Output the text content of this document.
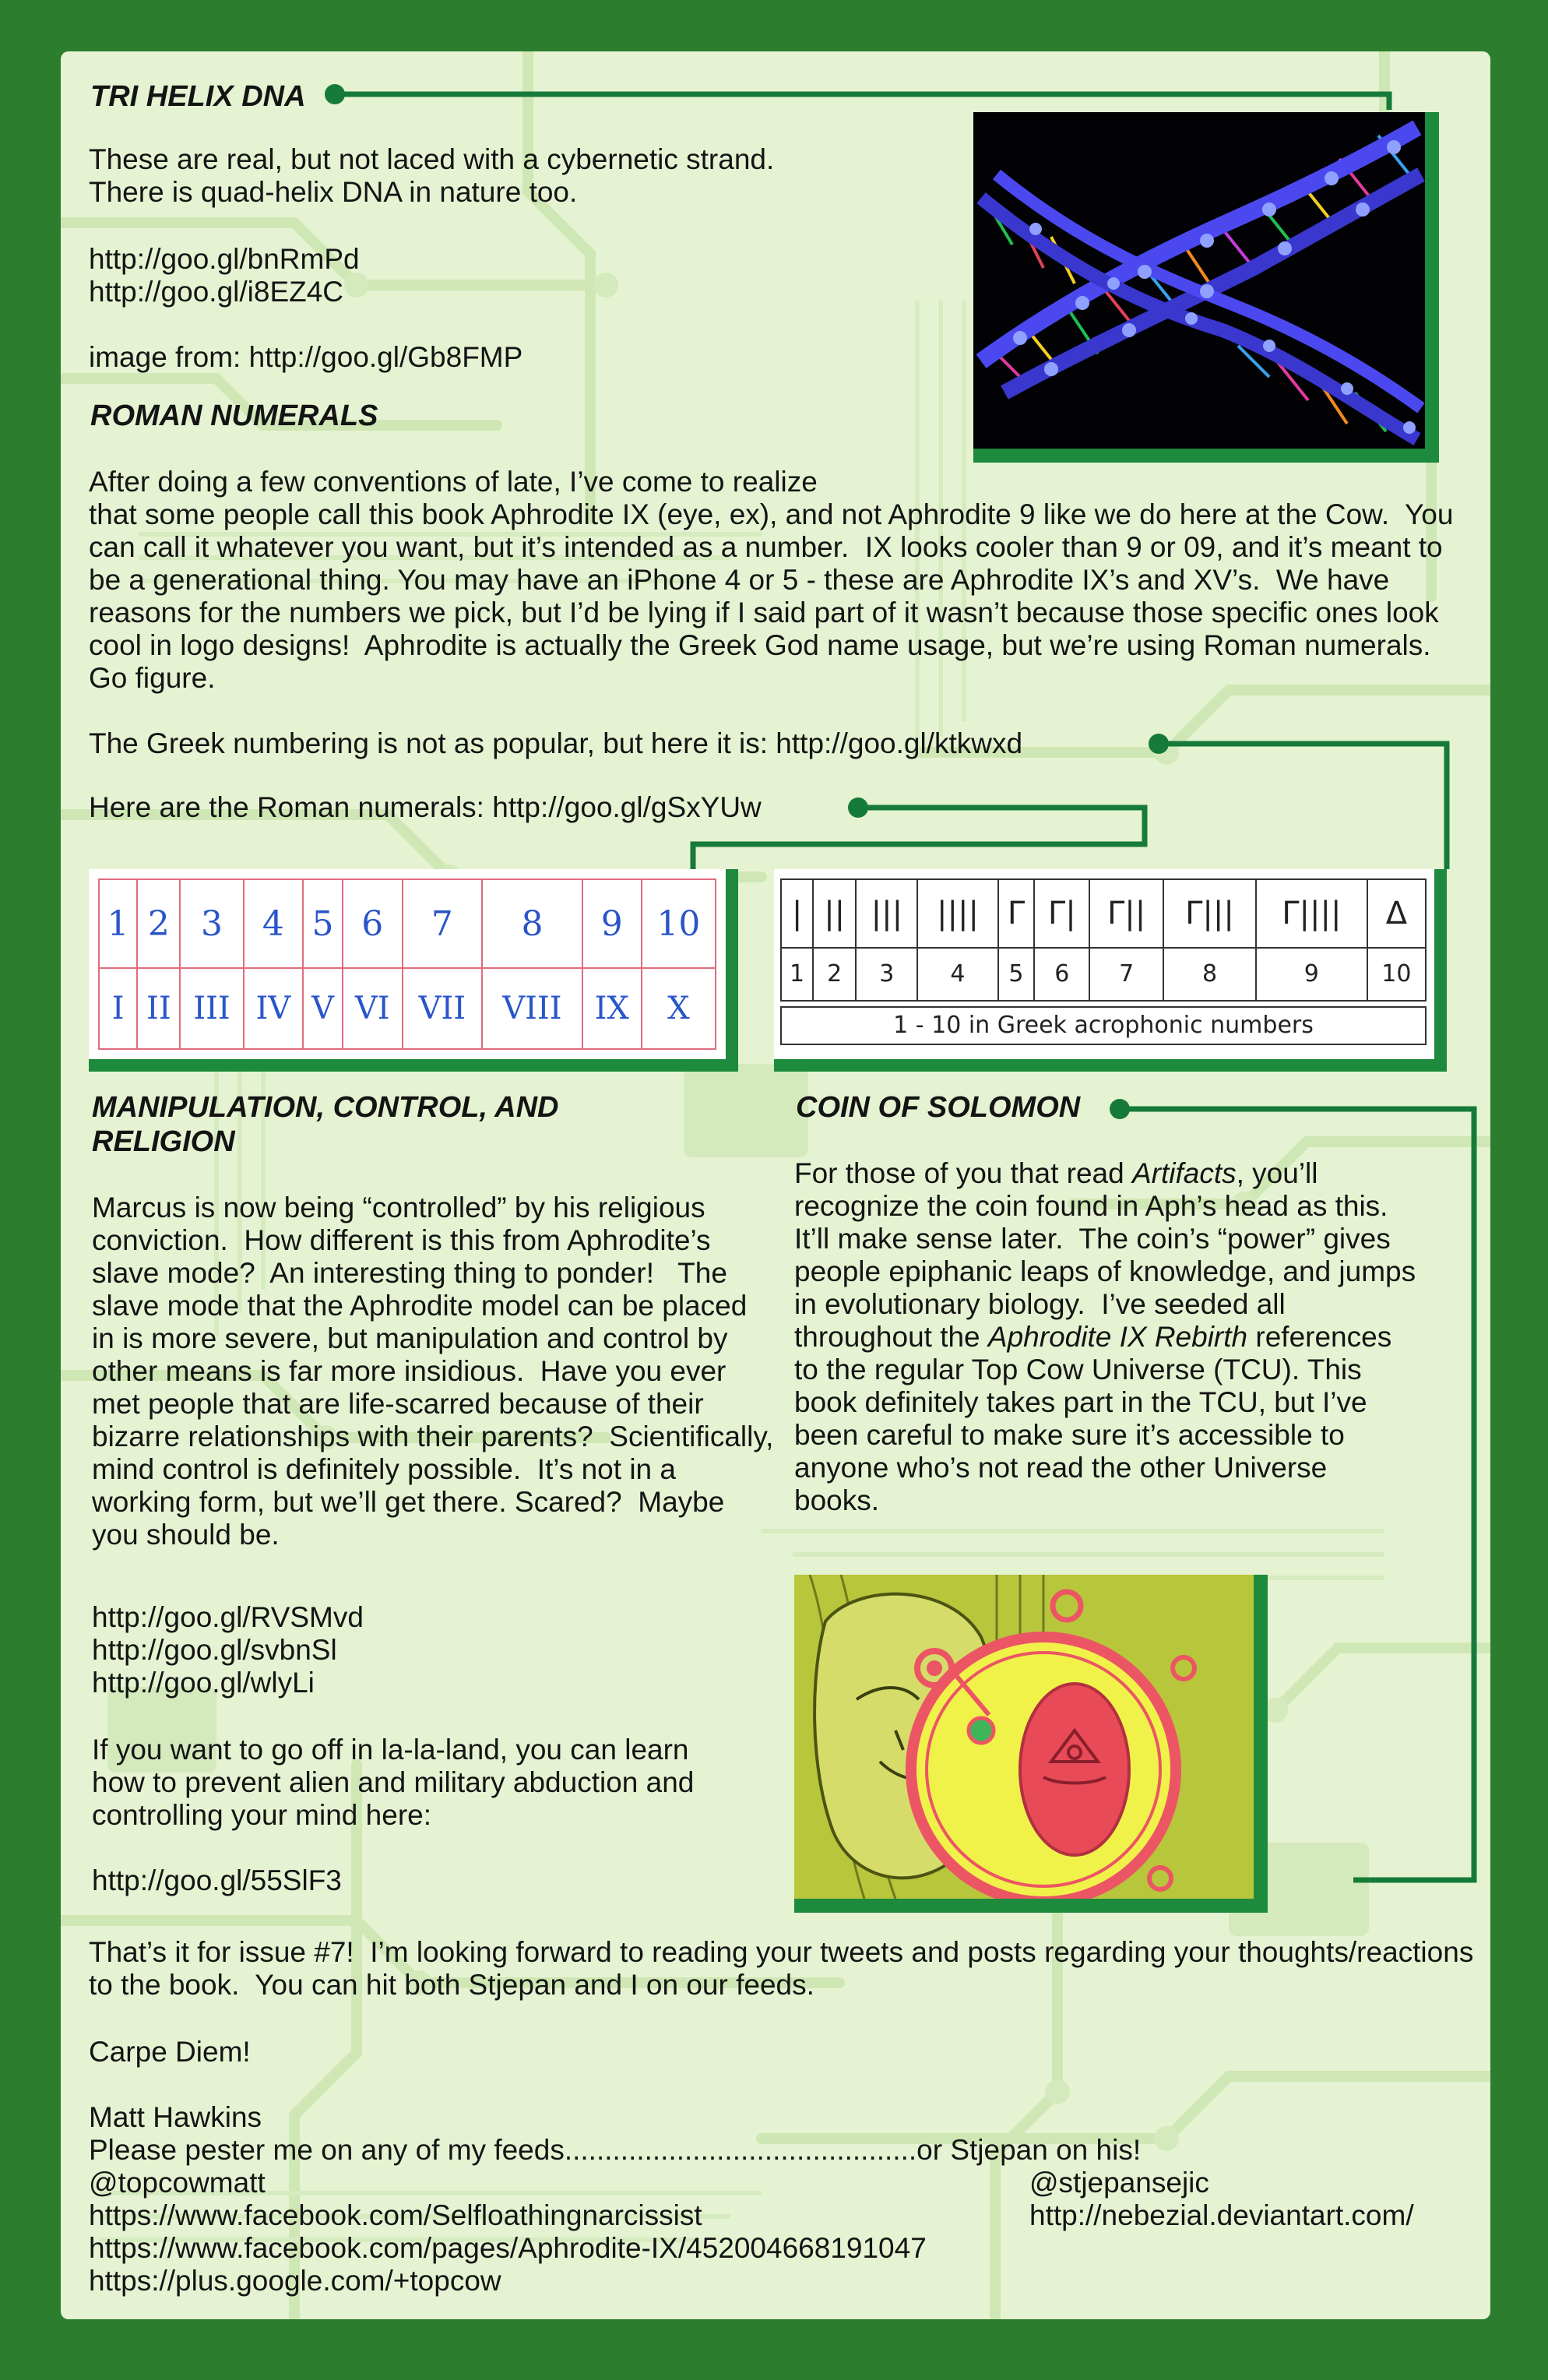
TRI HELIX DNA
These are real, but not laced with a cybernetic strand.
There is quad-helix DNA in nature too.
http://goo.gl/bnRmPd
http://goo.gl/i8EZ4C
image from: http://goo.gl/Gb8FMP
ROMAN NUMERALS
After doing a few conventions of late, I’ve come to realize
that some people call this book Aphrodite IX (eye, ex), and not Aphrodite 9 like we do here at the Cow.  You can call it whatever you want, but it’s intended as a number.  IX looks cooler than 9 or 09, and it’s meant to be a generational thing. You may have an iPhone 4 or 5 - these are Aphrodite IX’s and XV’s.  We have reasons for the numbers we pick, but I’d be lying if I said part of it wasn’t because those specific ones look cool in logo designs!  Aphrodite is actually the Greek God name usage, but we’re using Roman numerals. Go figure.
The Greek numbering is not as popular, but here it is: http://goo.gl/ktkwxd
Here are the Roman numerals: http://goo.gl/gSxYUw
1	2	3	4	5	6	7	8	9	10
I	II	III	IV	V	VI	VII	VIII	IX	X
|	||	|||	||||	Γ	Γ|	Γ||	Γ|||	Γ||||	Δ
1	2	3	4	5	6	7	8	9	10
1 - 10 in Greek acrophonic numbers
MANIPULATION, CONTROL, AND
RELIGION
Marcus is now being “controlled” by his religious conviction.  How different is this from Aphrodite’s slave mode?  An interesting thing to ponder!   The slave mode that the Aphrodite model can be placed in is more severe, but manipulation and control by other means is far more insidious.  Have you ever met people that are life-scarred because of their bizarre relationships with their parents?  Scientifically, mind control is definitely possible.  It’s not in a working form, but we’ll get there. Scared?  Maybe you should be.
http://goo.gl/RVSMvd
http://goo.gl/svbnSl
http://goo.gl/wlyLi
If you want to go off in la-la-land, you can learn how to prevent alien and military abduction and controlling your mind here:
http://goo.gl/55SlF3
COIN OF SOLOMON
For those of you that read Artifacts, you’ll recognize the coin found in Aph’s head as this.  It’ll make sense later.  The coin’s “power” gives people epiphanic leaps of knowledge, and jumps in evolutionary biology.  I’ve seeded all throughout the Aphrodite IX Rebirth references to the regular Top Cow Universe (TCU). This book definitely takes part in the TCU, but I’ve been careful to make sure it’s accessible to anyone who’s not read the other Universe books.
That’s it for issue #7!  I’m looking forward to reading your tweets and posts regarding your thoughts/reactions to the book.  You can hit both Stjepan and I on our feeds.
Carpe Diem!
Matt Hawkins
Please pester me on any of my feeds............................................or Stjepan on his!
@topcowmatt
https://www.facebook.com/Selfloathingnarcissist
https://www.facebook.com/pages/Aphrodite-IX/452004668191047
https://plus.google.com/+topcow
@stjepansejic
http://nebezial.deviantart.com/
